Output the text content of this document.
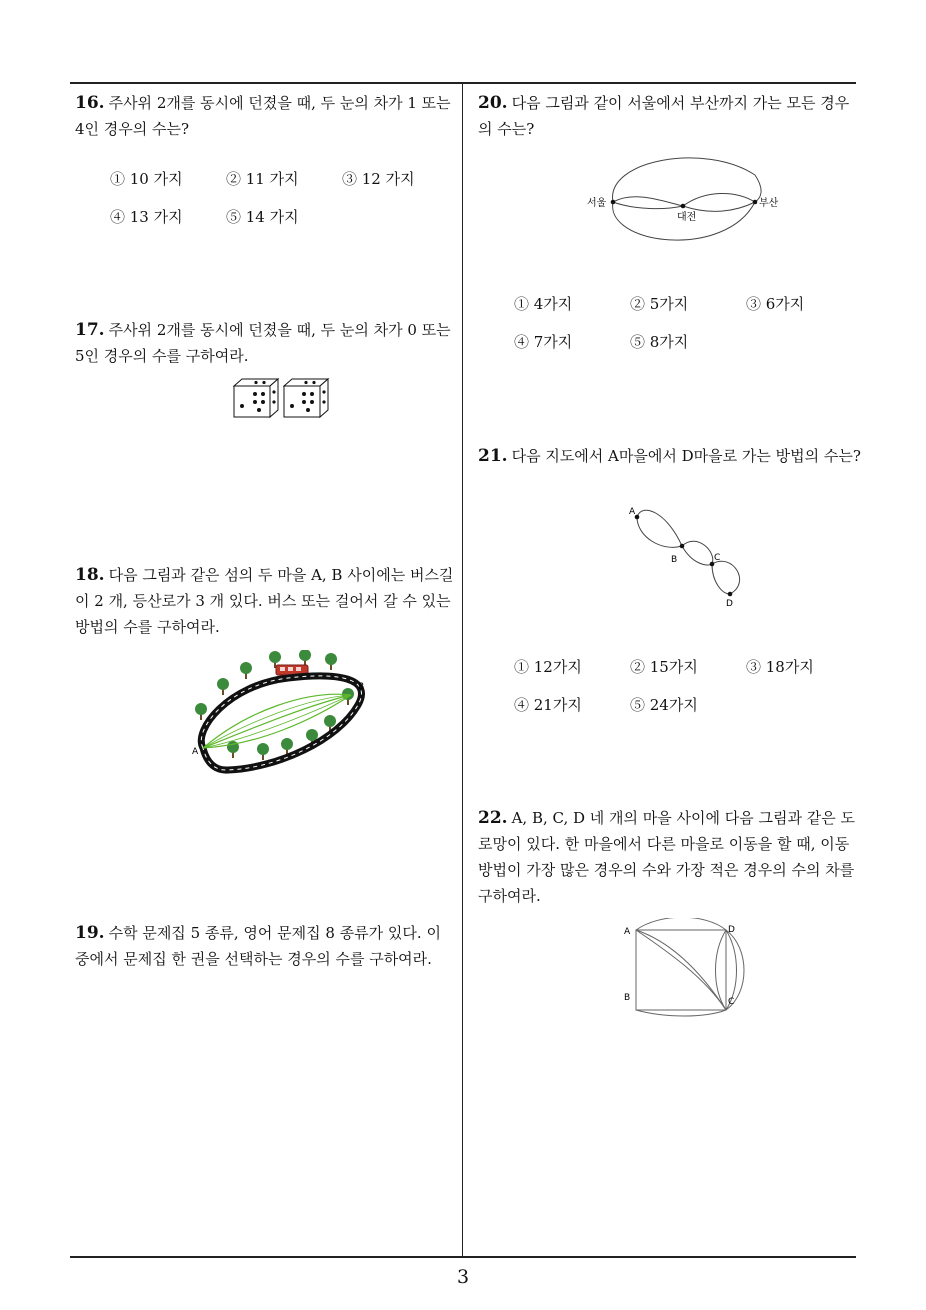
16. 주사위 2개를 동시에 던졌을 때, 두 눈의 차가 1 또는 4인 경우의 수는?
① 10 가지	② 11 가지	③ 12 가지
④ 13 가지	⑤ 14 가지
17. 주사위 2개를 동시에 던졌을 때, 두 눈의 차가 0 또는 5인 경우의 수를 구하여라.
18. 다음 그림과 같은 섬의 두 마을 A, B 사이에는 버스길이 2 개, 등산로가 3 개 있다. 버스 또는 걸어서 갈 수 있는 방법의 수를 구하여라.
A
B
19. 수학 문제집 5 종류, 영어 문제집 8 종류가 있다. 이 중에서 문제집 한 권을 선택하는 경우의 수를 구하여라.
20. 다음 그림과 같이 서울에서 부산까지 가는 모든 경우의 수는?
서울
대전
부산
① 4가지	② 5가지	③ 6가지
④ 7가지	⑤ 8가지
21. 다음 지도에서 A마을에서 D마을로 가는 방법의 수는?
A
B	C
D
① 12가지	② 15가지	③ 18가지
④ 21가지	⑤ 24가지
22. A, B, C, D 네 개의 마을 사이에 다음 그림과 같은 도로망이 있다. 한 마을에서 다른 마을로 이동을 할 때, 이동 방법이 가장 많은 경우의 수와 가장 적은 경우의 수의 차를 구하여라.
A
B	C
D
3
